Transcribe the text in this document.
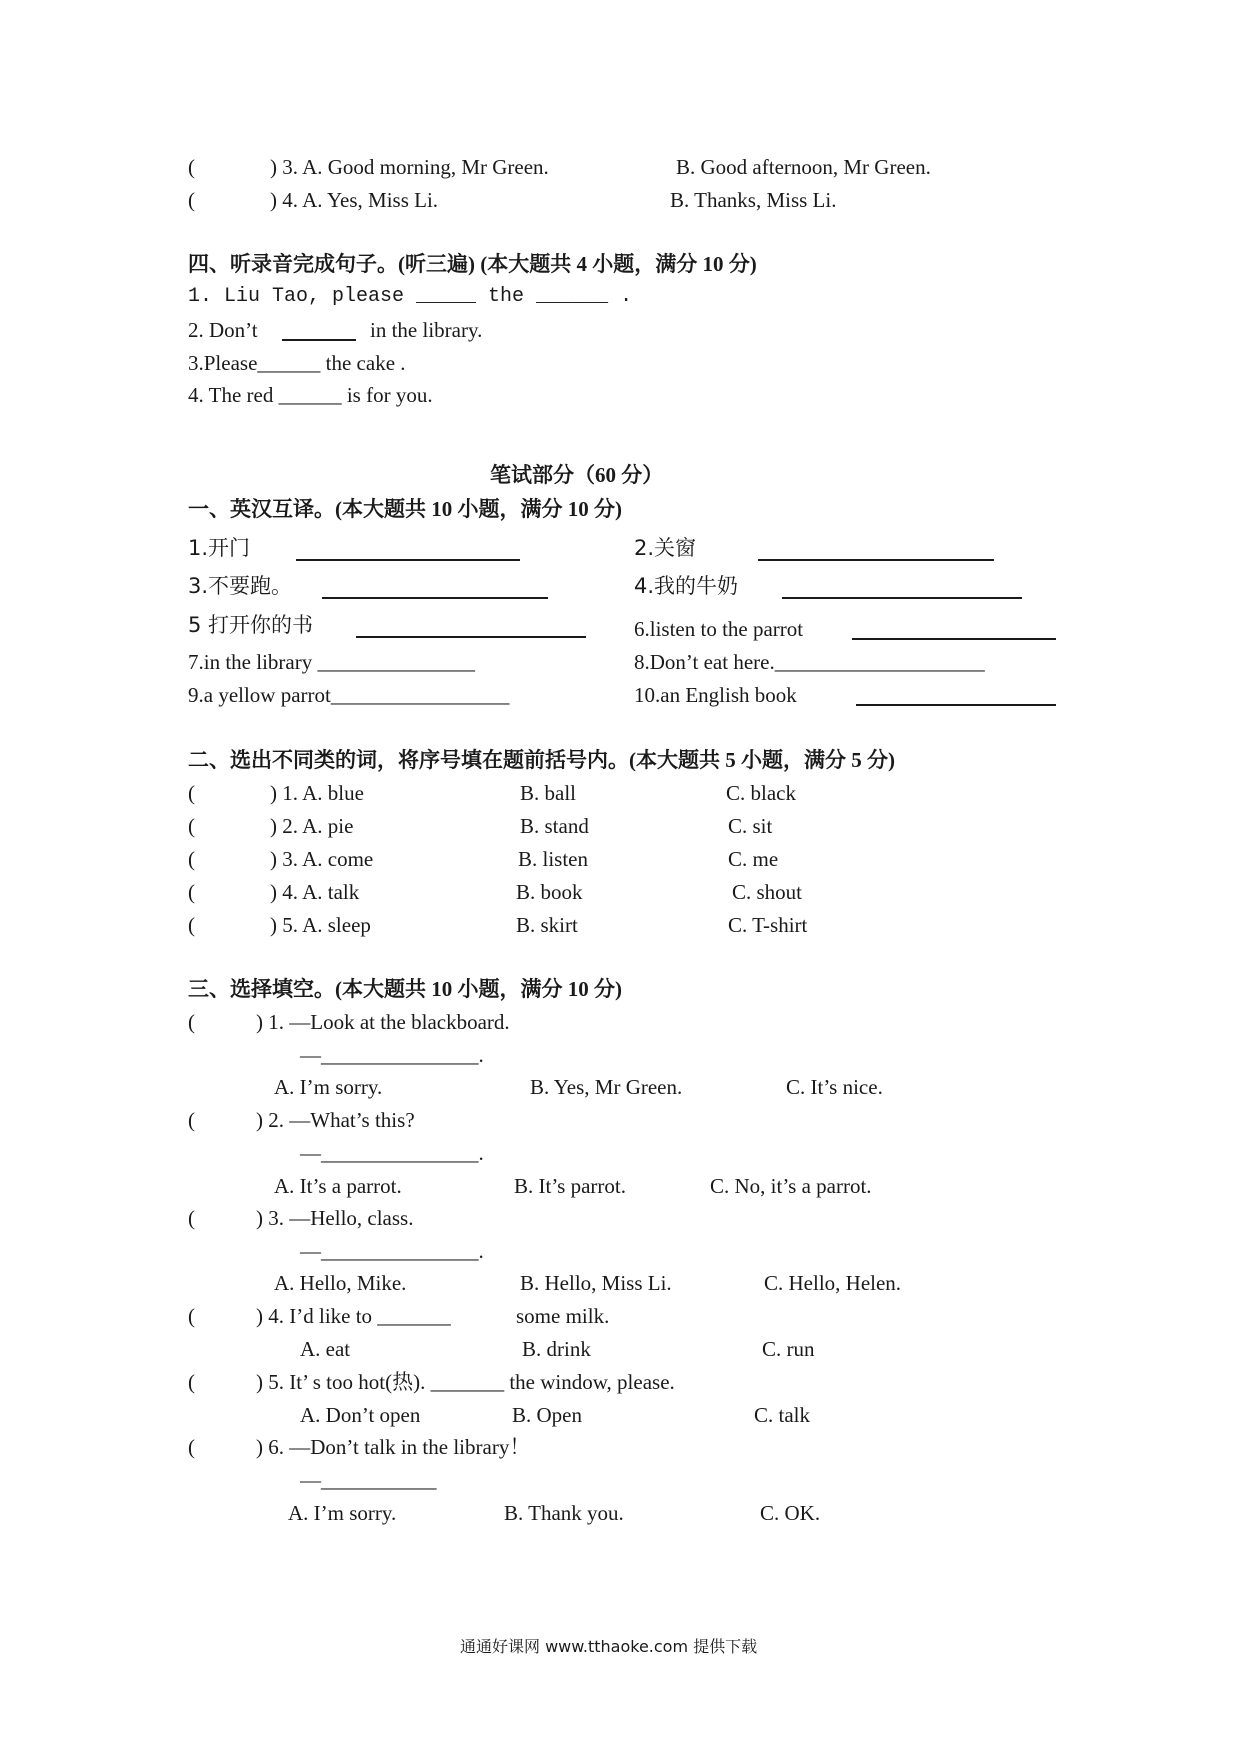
(	) 3. A. Good morning, Mr Green.	B. Good afternoon, Mr Green.
(	) 4. A. Yes, Miss Li.	B. Thanks, Miss Li.
四、听录音完成句子。(听三遍) (本大题共 4 小题，满分 10 分)
1. Liu Tao, please _____ the ______ .
2. Don’t	in the library.
3.Please______ the cake .
4. The red ______ is for you.
笔试部分（60 分）
一、英汉互译。(本大题共 10 小题，满分 10 分)
1.开门	2.关窗
3.不要跑。	4.我的牛奶
5 打开你的书	6.listen to the parrot
7.in the library _______________	8.Don’t eat here.____________________
9.a yellow parrot_________________	10.an English book
二、选出不同类的词，将序号填在题前括号内。(本大题共 5 小题，满分 5 分)
(	) 1. A. blue	B. ball	C. black
(	) 2. A. pie	B. stand	C. sit
(	) 3. A. come	B. listen	C. me
(	) 4. A. talk	B. book	C. shout
(	) 5. A. sleep	B. skirt	C. T-shirt
三、选择填空。(本大题共 10 小题，满分 10 分)
(	) 1. —Look at the blackboard.
—_______________.
A. I’m sorry.	B. Yes, Mr Green.	C. It’s nice.
(	) 2. —What’s this?
—_______________.
A. It’s a parrot.	B. It’s parrot.	C. No, it’s a parrot.
(	) 3. —Hello, class.
—_______________.
A. Hello, Mike.	B. Hello, Miss Li.	C. Hello, Helen.
(	) 4. I’d like to _______	some milk.
A. eat	B. drink	C. run
(	) 5. It’ s too hot(热). _______ the window, please.
A. Don’t open	B. Open	C. talk
(	) 6. —Don’t talk in the library！
—___________
A. I’m sorry.	B. Thank you.	C. OK.
通通好课网 www.tthaoke.com 提供下载
